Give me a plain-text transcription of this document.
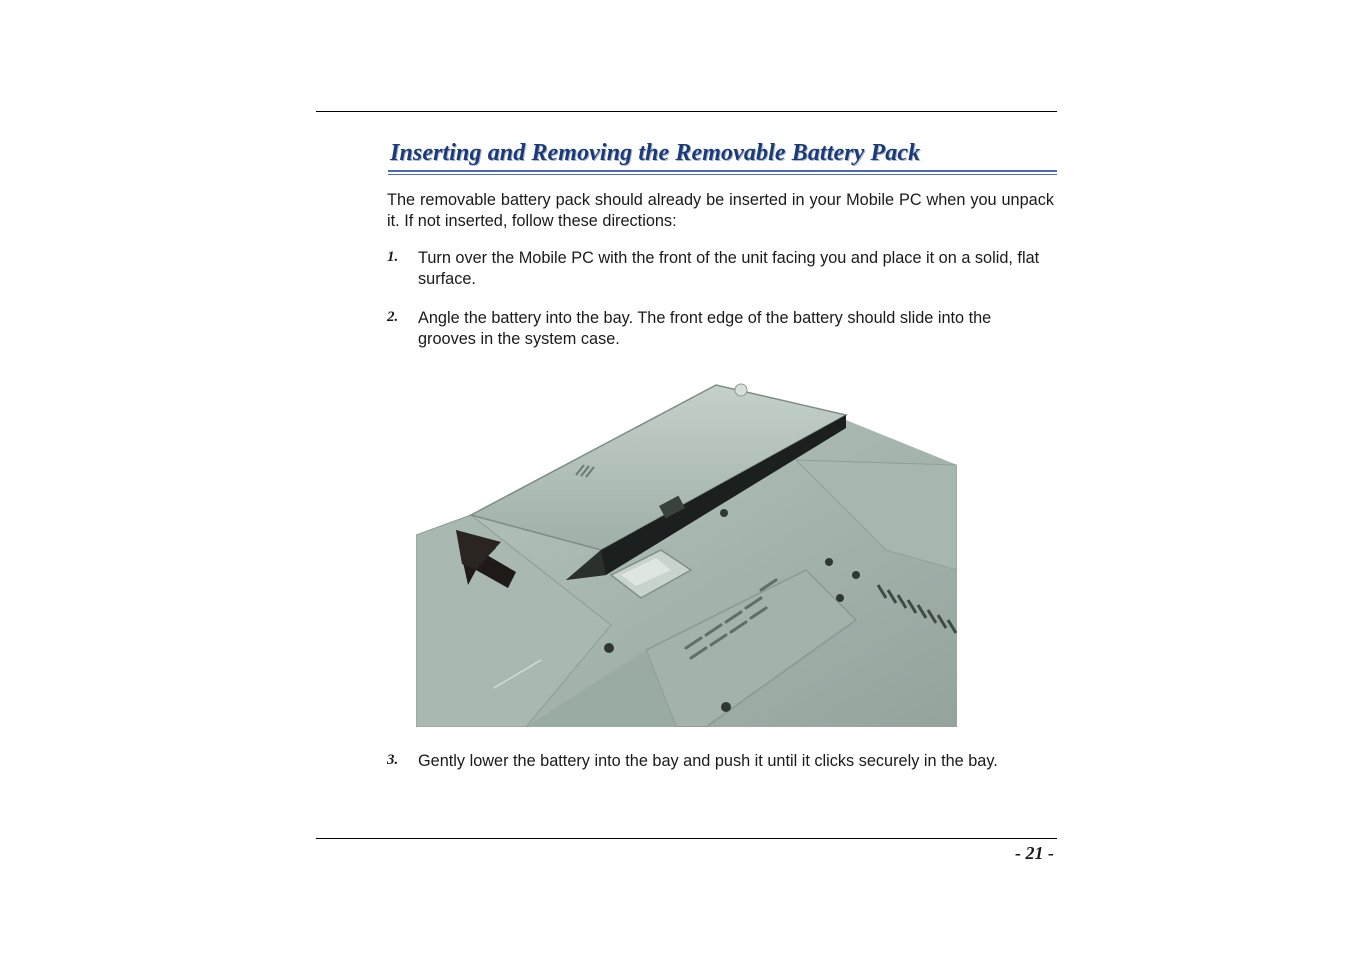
Inserting and Removing the Removable Battery Pack

The removable battery pack should already be inserted in your Mobile PC when you unpack it. If not inserted, follow these directions:

1. Turn over the Mobile PC with the front of the unit facing you and place it on a solid, flat surface.

2. Angle the battery into the bay. The front edge of the battery should slide into the grooves in the system case.

3. Gently lower the battery into the bay and push it until it clicks securely in the bay.

- 21 -
